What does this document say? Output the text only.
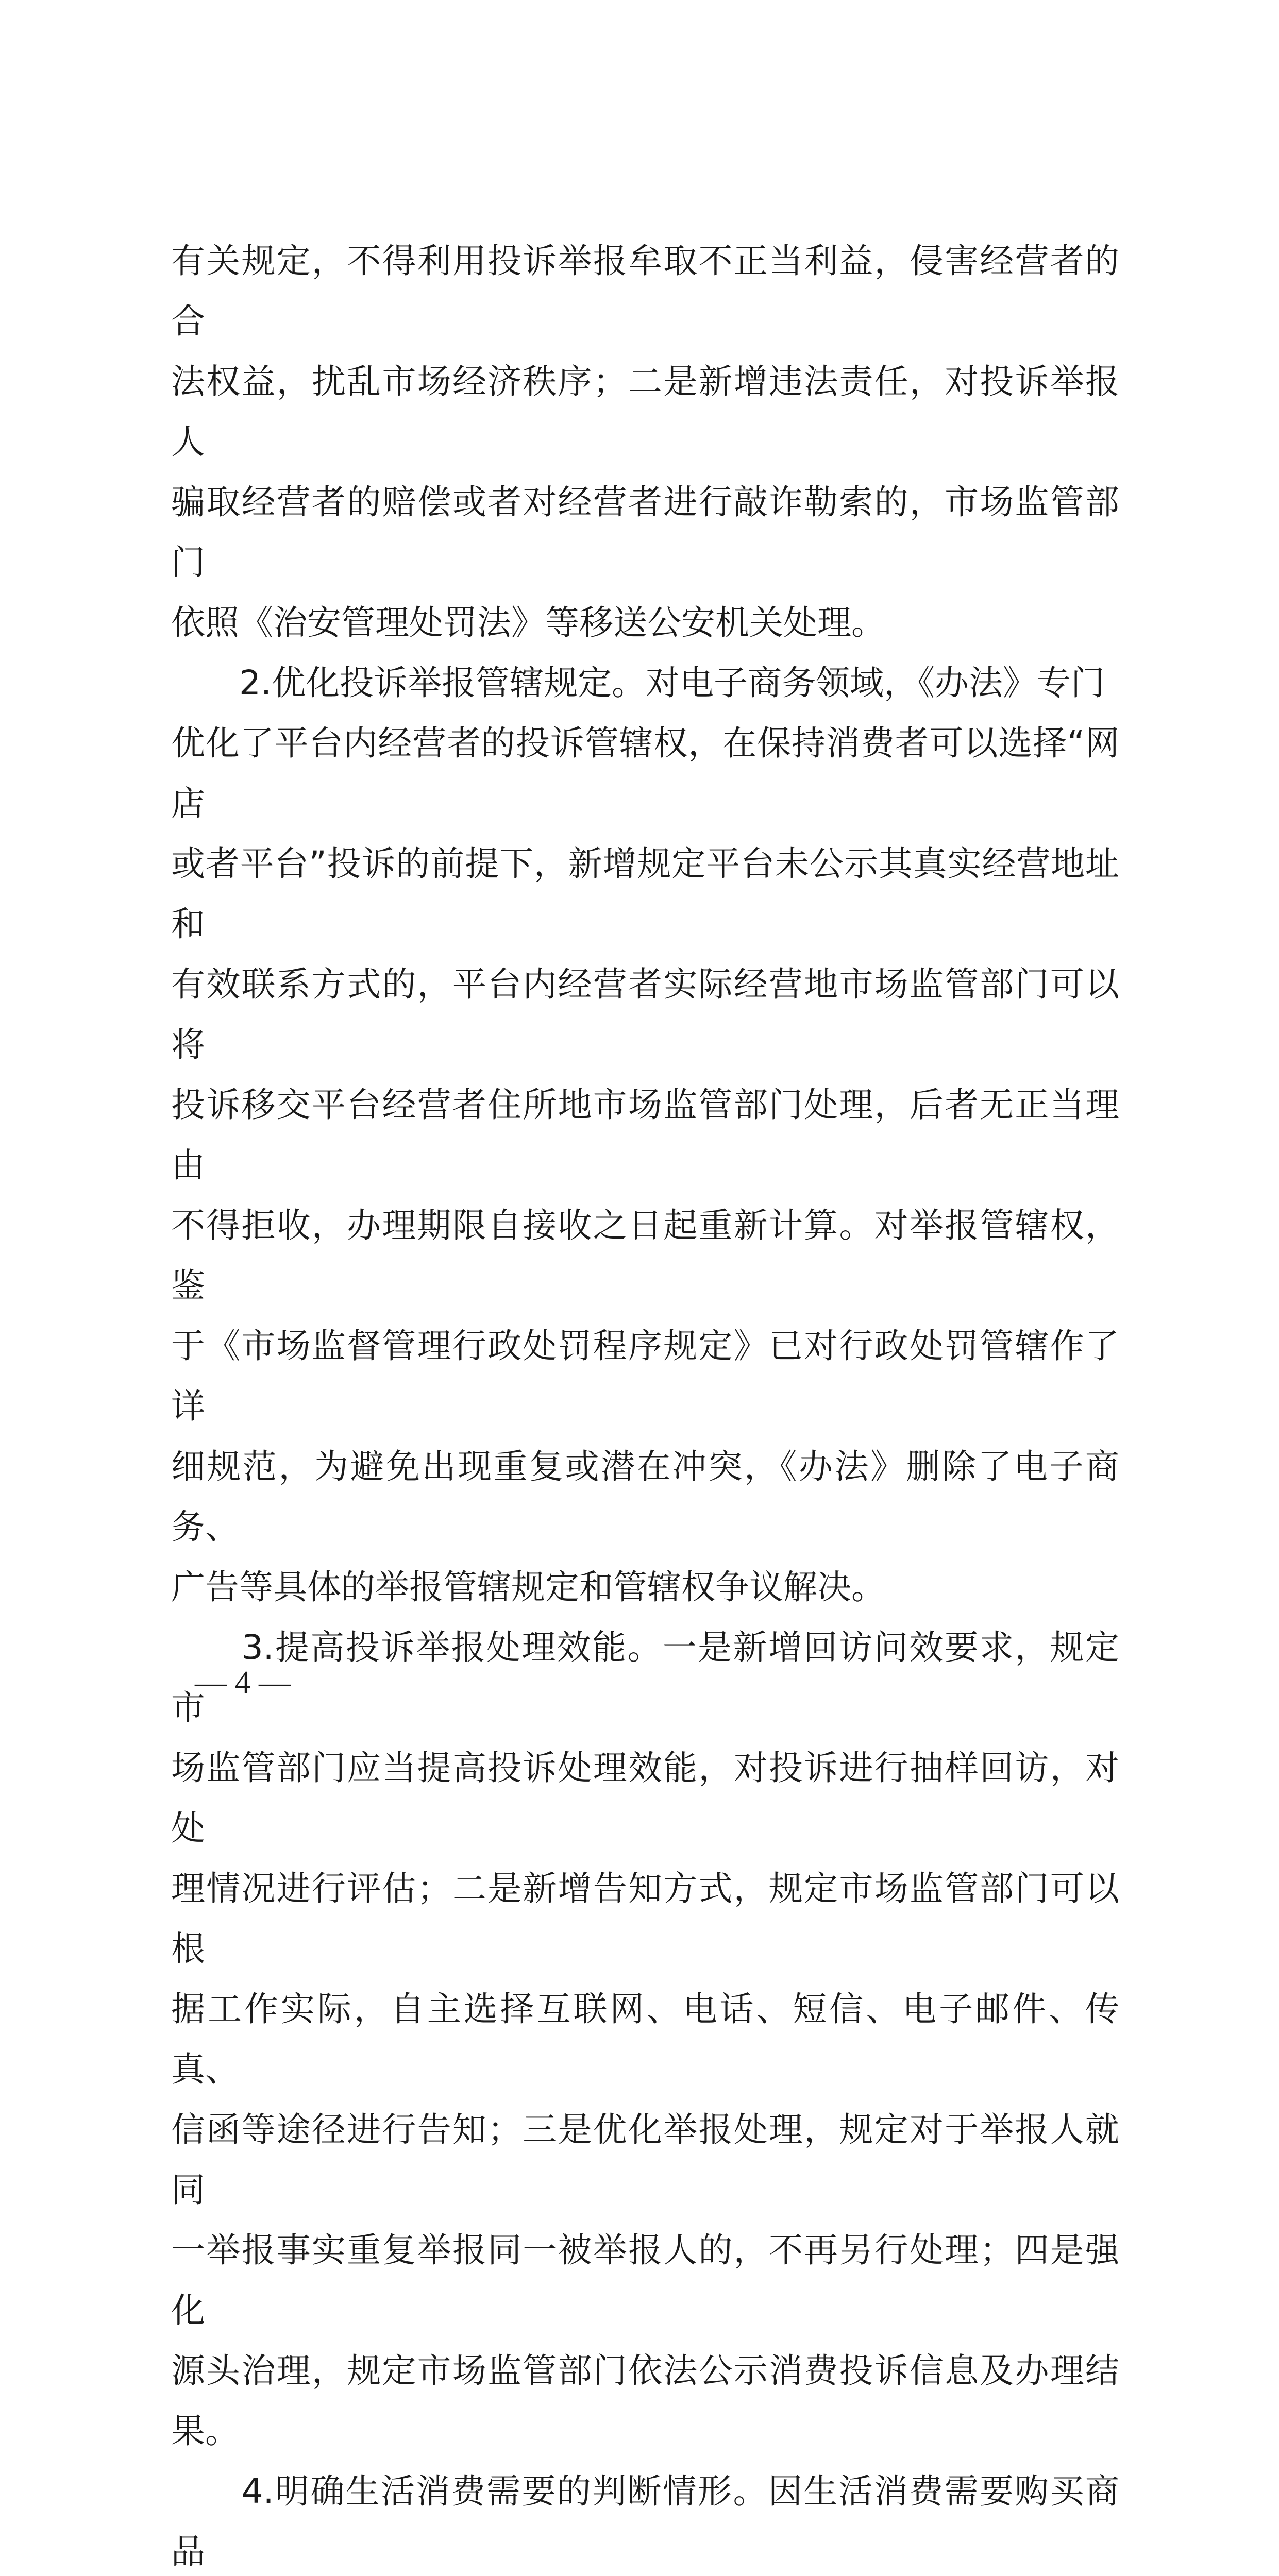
有关规定，不得利用投诉举报牟取不正当利益，侵害经营者的合
法权益，扰乱市场经济秩序；二是新增违法责任，对投诉举报人
骗取经营者的赔偿或者对经营者进行敲诈勒索的，市场监管部门
依照《治安管理处罚法》等移送公安机关处理。

　　2.优化投诉举报管辖规定。对电子商务领域，《办法》专门
优化了平台内经营者的投诉管辖权，在保持消费者可以选择“网店
或者平台”投诉的前提下，新增规定平台未公示其真实经营地址和
有效联系方式的，平台内经营者实际经营地市场监管部门可以将
投诉移交平台经营者住所地市场监管部门处理，后者无正当理由
不得拒收，办理期限自接收之日起重新计算。对举报管辖权，鉴
于《市场监督管理行政处罚程序规定》已对行政处罚管辖作了详
细规范，为避免出现重复或潜在冲突，《办法》删除了电子商务、
广告等具体的举报管辖规定和管辖权争议解决。

　　3.提高投诉举报处理效能。一是新增回访问效要求，规定市
场监管部门应当提高投诉处理效能，对投诉进行抽样回访，对处
理情况进行评估；二是新增告知方式，规定市场监管部门可以根
据工作实际，自主选择互联网、电话、短信、电子邮件、传真、
信函等途径进行告知；三是优化举报处理，规定对于举报人就同
一举报事实重复举报同一被举报人的，不再另行处理；四是强化
源头治理，规定市场监管部门依法公示消费投诉信息及办理结果。

　　4.明确生活消费需要的判断情形。因生活消费需要购买商品

— 4 —
